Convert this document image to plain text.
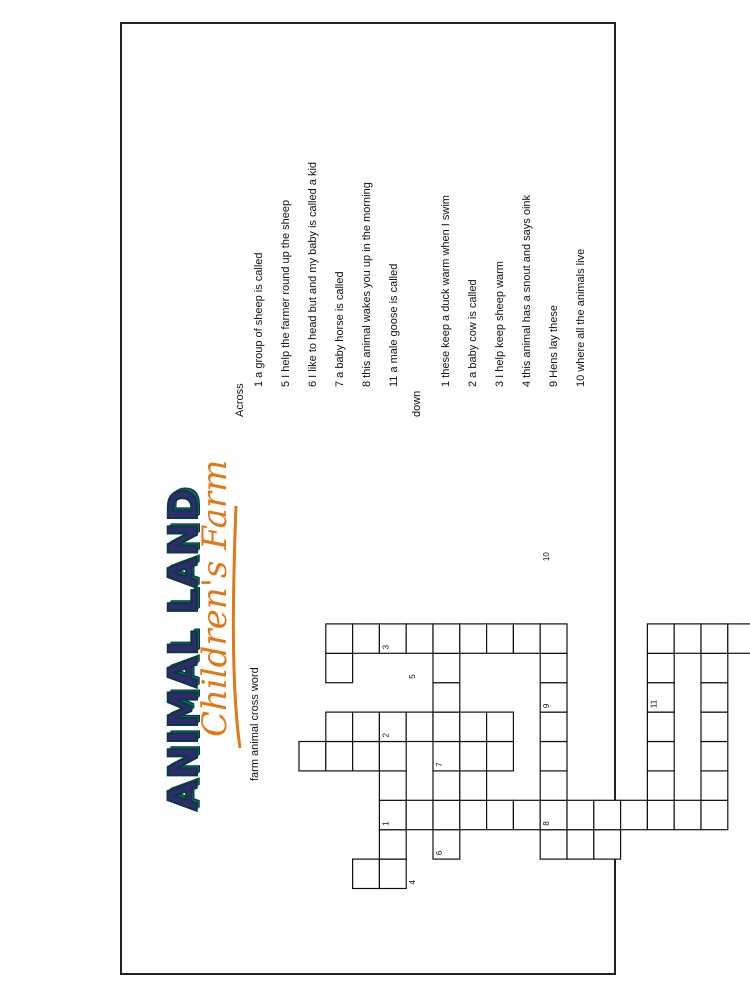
ANIMAL LAND
Children's Farm farm animal cross word
Across
1 a group of sheep is called 5 I help the farmer round up the sheep 6 I like to head but and my baby is called a kid 7 a baby horse is called 8 this animal wakes you up in the morning 11 a male goose is called
down
1 these keep a duck warm when I swim 2 a baby cow is called 3 I help keep sheep warm 4 this animal has a snout and says oink 9 Hens lay these 10 where all the animals live
1
2
3
4
5
6
7
8
9
10
11
